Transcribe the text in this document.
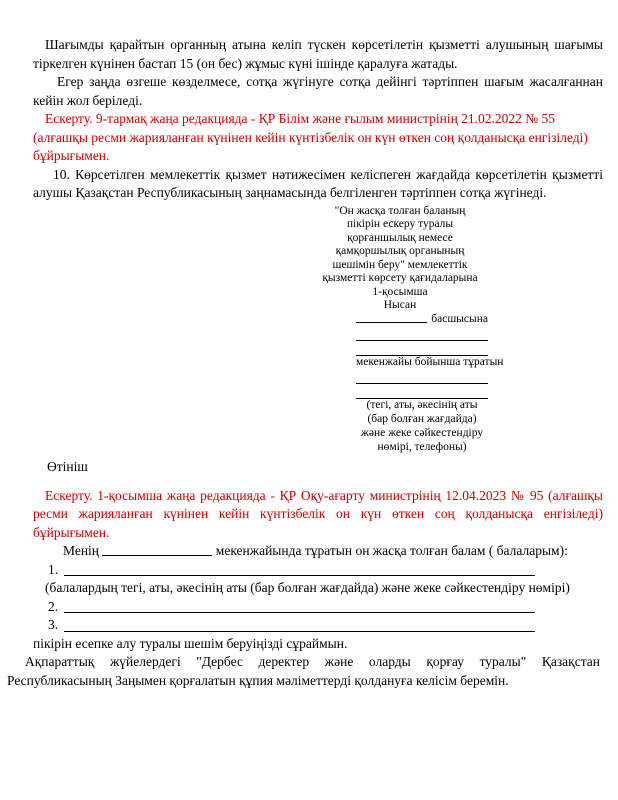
Шағымды қарайтын органның атына келіп түскен көрсетілетін қызметті алушының шағымы тіркелген күнінен бастап 15 (он бес) жұмыс күні ішінде қаралуға жатады.

Егер заңда өзгеше көзделмесе, сотқа жүгінуге сотқа дейінгі тәртіппен шағым жасалғаннан кейін жол беріледі.

Ескерту. 9-тармақ жаңа редакцияда - ҚР Білім және ғылым министрінің 21.02.2022 № 55 (алғашқы ресми жарияланған күнінен кейін күнтізбелік он күн өткен соң қолданысқа енгізіледі) бұйрығымен.

10. Көрсетілген мемлекеттік қызмет нәтижесімен келіспеген жағдайда көрсетілетін қызметті алушы Қазақстан Республикасының заңнамасында белгіленген тәртіппен сотқа жүгінеді.

"Он жасқа толған баланың
пікірін ескеру туралы
қорғаншылық немесе
қамқоршылық органының
шешімін беру" мемлекеттік
қызметті көрсету қағидаларына
1-қосымша
Нысан
басшысына
мекенжайы бойынша тұратын
(тегі, аты, әкесінің аты
(бар болған жағдайда)
және жеке сәйкестендіру
нөмірі, телефоны)

Өтініш

Ескерту. 1-қосымша жаңа редакцияда - ҚР Оқу-ағарту министрінің 12.04.2023 № 95 (алғашқы ресми жарияланған күнінен кейін күнтізбелік он күн өткен соң қолданысқа енгізіледі) бұйрығымен.

Менің	мекенжайында тұратын он жасқа толған балам ( балаларым):

1.

(балалардың тегі, аты, әкесінің аты (бар болған жағдайда) және жеке сәйкестендіру нөмірі)

2.
3.

пікірін есепке алу туралы шешім беруіңізді сұраймын.

Ақпараттық жүйелердегі "Дербес деректер және оларды қорғау туралы" Қазақстан Республикасының Заңымен қорғалатын құпия мәліметтерді қолдануға келісім беремін.
